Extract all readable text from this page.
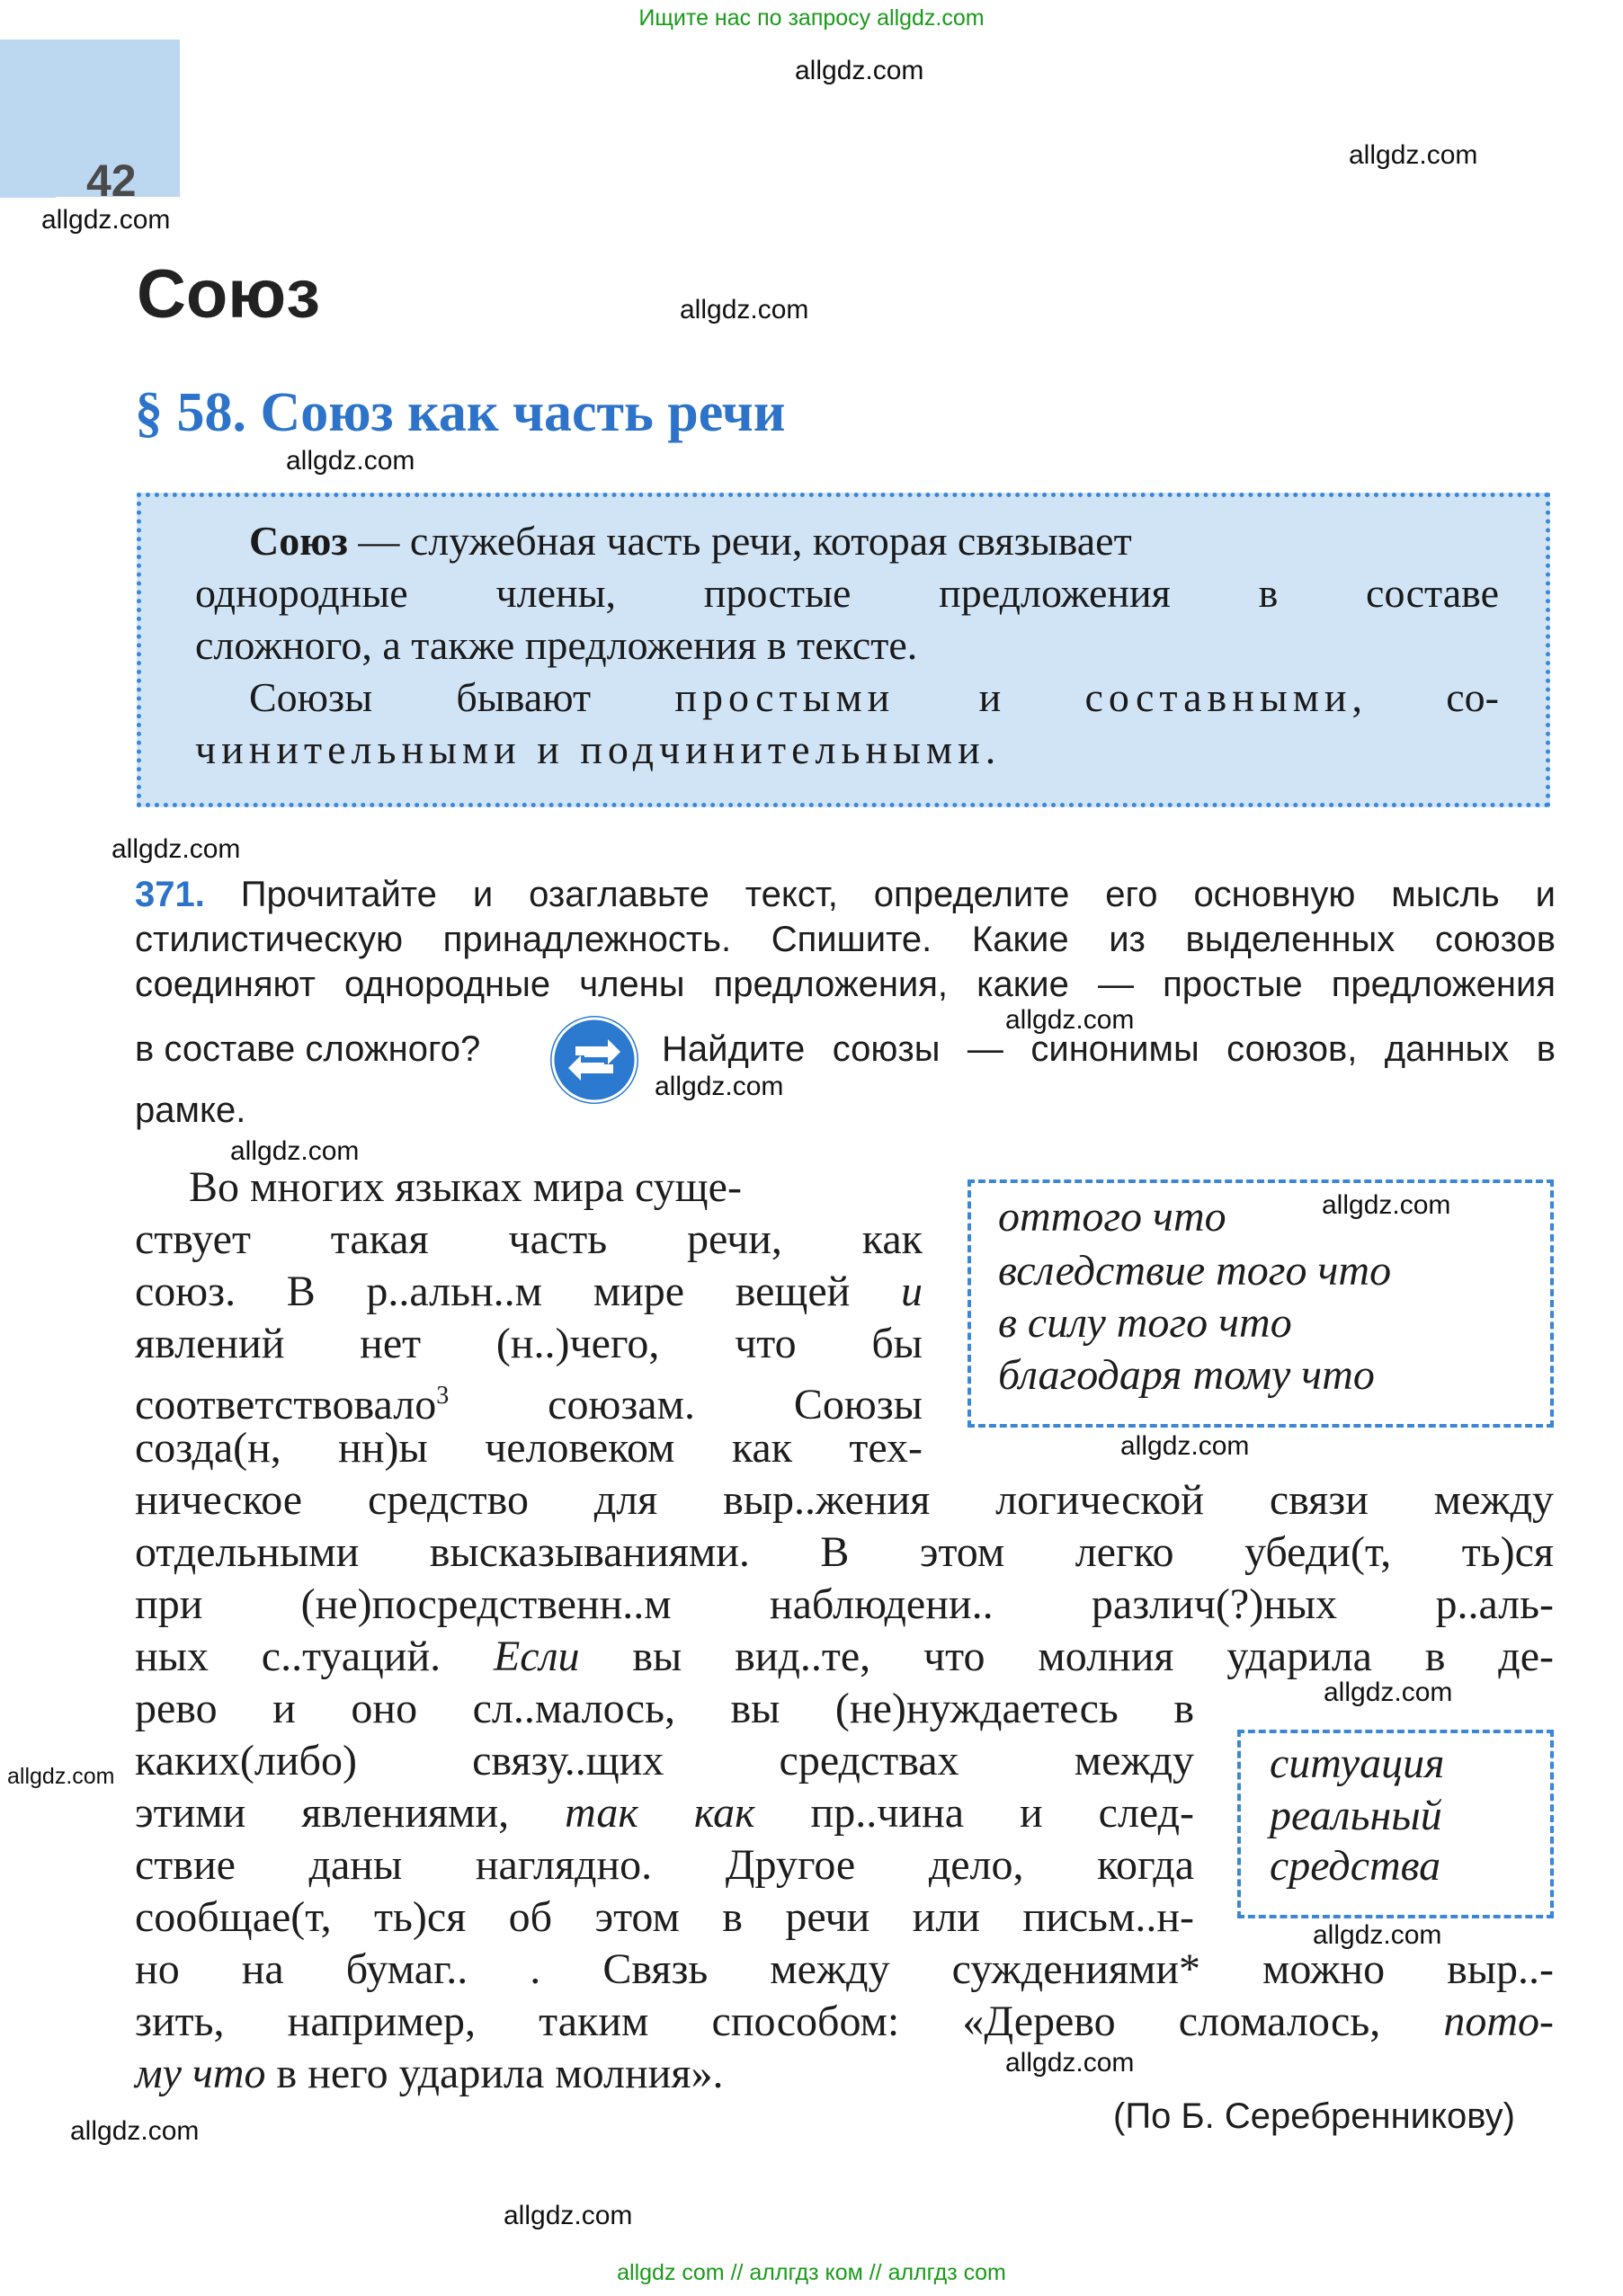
Ищите нас по запросу allgdz.com
42
allgdz.com
allgdz.com
allgdz.com
allgdz.com
allgdz.com
allgdz.com
allgdz.com
allgdz.com
allgdz.com
allgdz.com
allgdz.com
allgdz.com
allgdz.com
allgdz.com
allgdz.com
allgdz.com
allgdz.com
Союз
§ 58. Союз как часть речи

Союз — служебная часть речи, которая связывает

однородные члены, простые предложения в составе
сложного, а также предложения в тексте.

Союзы бывают простыми и составными, со-

чинительными и подчинительными.
371. Прочитайте и озаглавьте текст, определите его основную мысль и стилистическую принадлежность. Спишите. Какие из выделенных союзов соединяют однородные члены предложения, какие — простые предложения
в составе сложного?	Найдите союзы — синонимы союзов, данных в
рамке.
оттого что
вследствие того что
в силу того что
благодаря тому что
ситуация
реальный
средства
Во многих языках мира суще-
ствует такая часть речи, как
союз. В р..альн..м мире вещей и
явлений нет (н..)чего, что бы
соответствовало$^3$ союзам. Союзы
созда(н, нн)ы человеком как тех-
ническое средство для выр..жения логической связи между
отдельными высказываниями. В этом легко убеди(т, ть)ся
при (не)посредственн..м наблюдени.. различ(?)ных р..аль-
ных с..туаций. Если вы вид..те, что молния ударила в де-
рево и оно сл..малось, вы (не)нуждаетесь в
каких(либо) связу..щих средствах между
этими явлениями, так как пр..чина и след-
ствие даны наглядно. Другое дело, когда
сообщае(т, ть)ся об этом в речи или письм..н-
но на бумаг.. . Связь между суждениями* можно выр..-
зить, например, таким способом: «Дерево сломалось, пото-
му что в него ударила молния».
(По Б. Серебренникову)
allgdz com // аллгдз ком // аллгдз com
